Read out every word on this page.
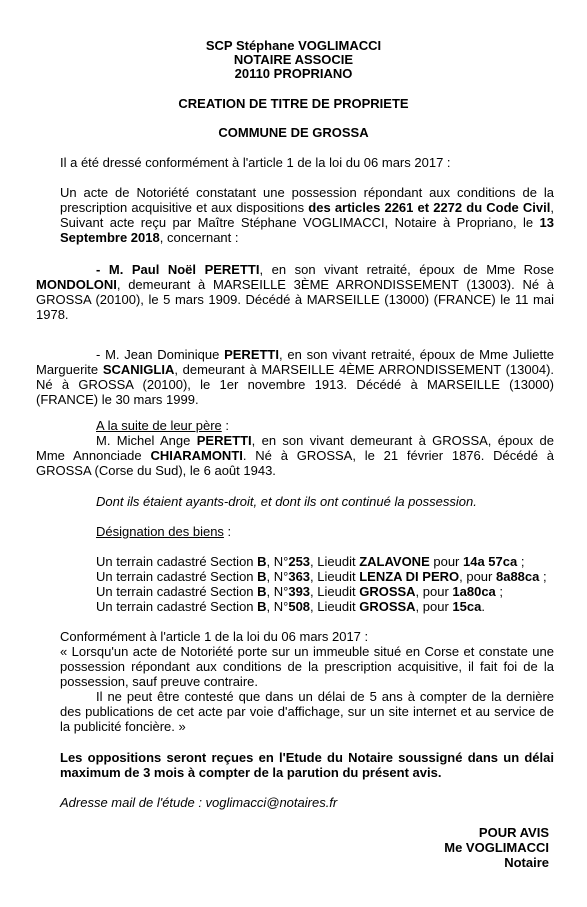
SCP Stéphane VOGLIMACCI
NOTAIRE ASSOCIE
20110 PROPRIANO
CREATION DE TITRE DE PROPRIETE
COMMUNE DE GROSSA
Il a été dressé conformément à l'article 1 de la loi du 06 mars 2017 :
Un acte de Notoriété constatant une possession répondant aux conditions de la prescription acquisitive et aux dispositions des articles 2261 et 2272 du Code Civil, Suivant acte reçu par Maître Stéphane VOGLIMACCI, Notaire à Propriano, le 13 Septembre 2018, concernant :
- M. Paul Noël PERETTI, en son vivant retraité, époux de Mme Rose MONDOLONI, demeurant à MARSEILLE 3ÈME ARRONDISSEMENT (13003). Né à GROSSA (20100), le 5 mars 1909. Décédé à MARSEILLE (13000) (FRANCE) le 11 mai 1978.
- M. Jean Dominique PERETTI, en son vivant retraité, époux de Mme Juliette Marguerite SCANIGLIA, demeurant à MARSEILLE 4ÈME ARRONDISSEMENT (13004). Né à GROSSA (20100), le 1er novembre 1913. Décédé à MARSEILLE (13000) (FRANCE) le 30 mars 1999.
A la suite de leur père :
M. Michel Ange PERETTI, en son vivant demeurant à GROSSA, époux de Mme Annonciade CHIARAMONTI. Né à GROSSA, le 21 février 1876. Décédé à GROSSA (Corse du Sud), le 6 août 1943.
Dont ils étaient ayants-droit, et dont ils ont continué la possession.
Désignation des biens :
Un terrain cadastré Section B, N°253, Lieudit ZALAVONE pour 14a 57ca ;
Un terrain cadastré Section B, N°363, Lieudit LENZA DI PERO, pour 8a88ca ;
Un terrain cadastré Section B, N°393, Lieudit GROSSA, pour 1a80ca ;
Un terrain cadastré Section B, N°508, Lieudit GROSSA, pour 15ca.
Conformément à l'article 1 de la loi du 06 mars 2017 :
« Lorsqu'un acte de Notoriété porte sur un immeuble situé en Corse et constate une possession répondant aux conditions de la prescription acquisitive, il fait foi de la possession, sauf preuve contraire.
Il ne peut être contesté que dans un délai de 5 ans à compter de la dernière des publications de cet acte par voie d'affichage, sur un site internet et au service de la publicité foncière. »
Les oppositions seront reçues en l'Etude du Notaire soussigné dans un délai maximum de 3 mois à compter de la parution du présent avis.
Adresse mail de l'étude : voglimacci@notaires.fr
POUR AVIS
Me VOGLIMACCI
Notaire
